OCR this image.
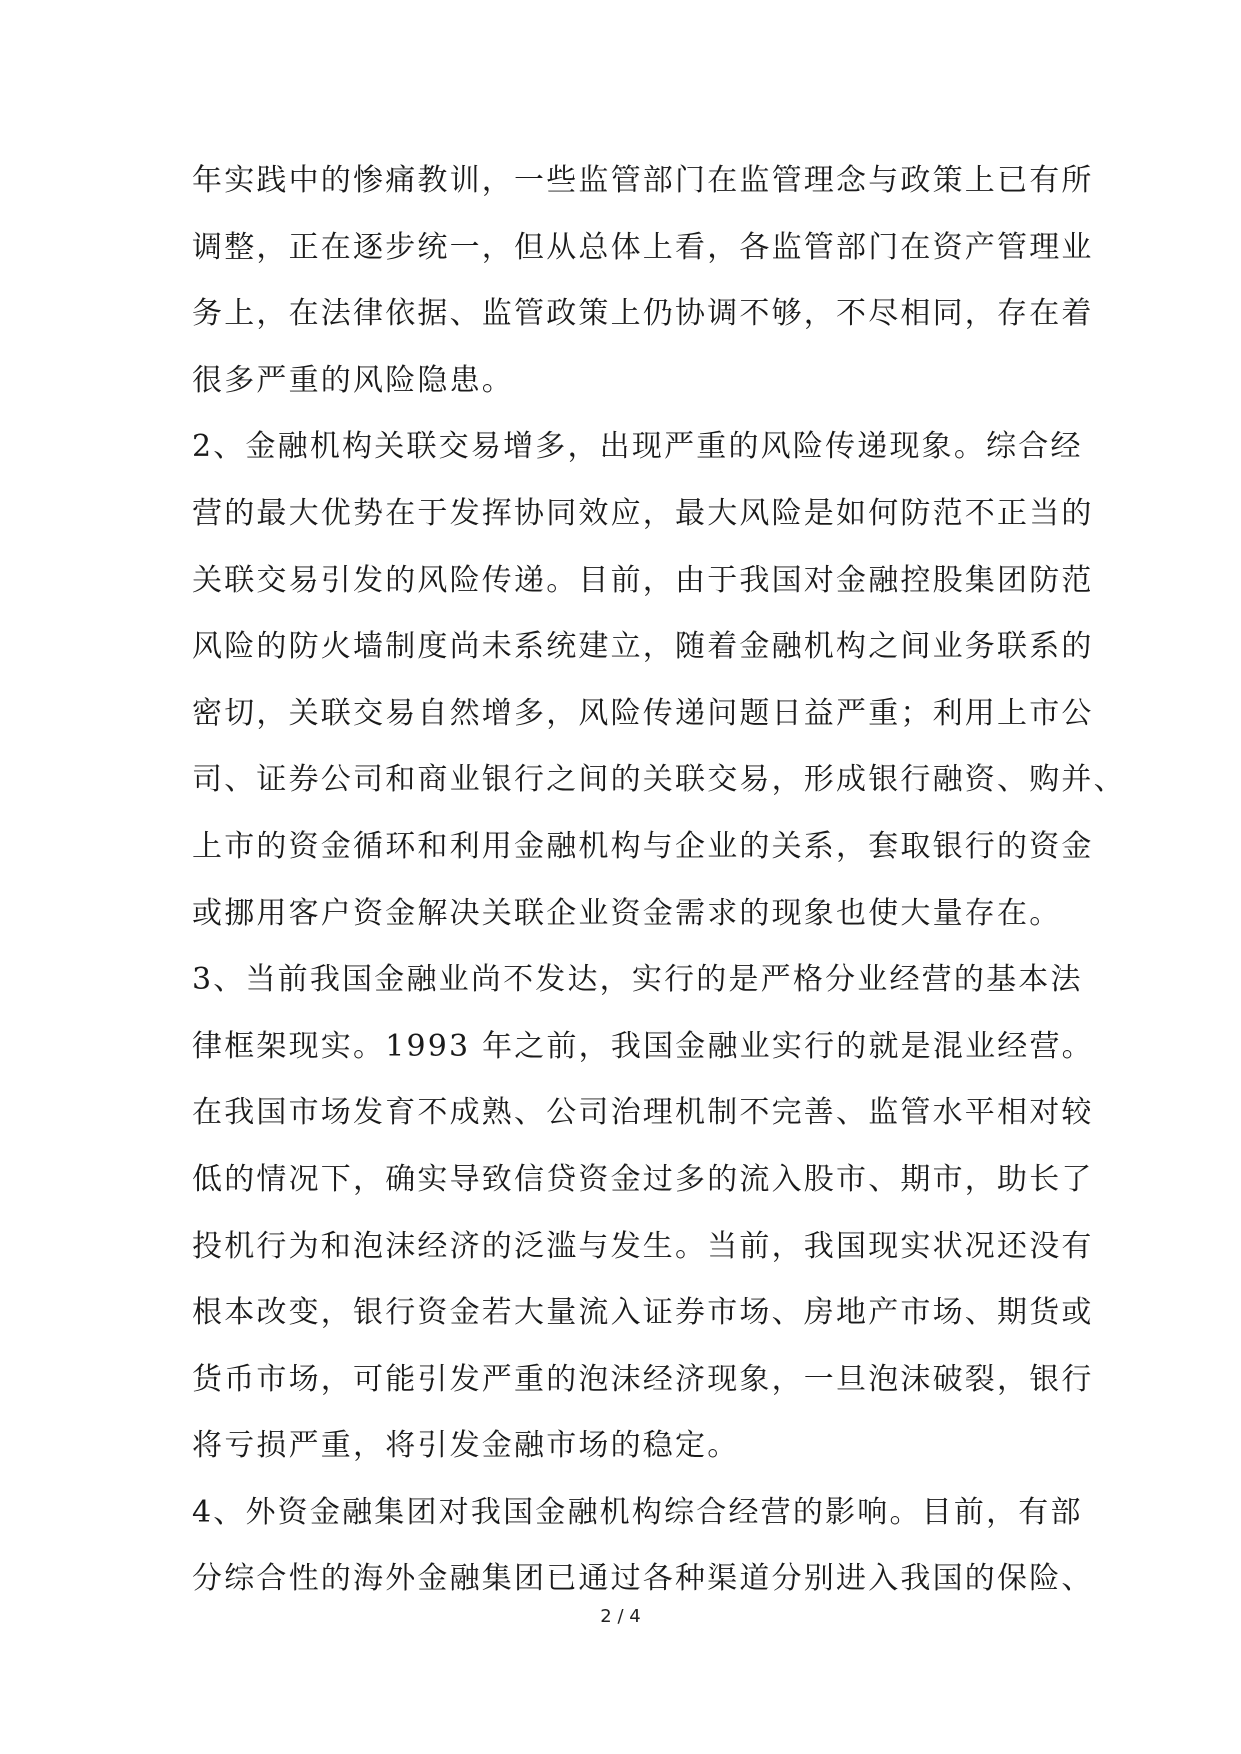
年实践中的惨痛教训，一些监管部门在监管理念与政策上已有所
调整，正在逐步统一，但从总体上看，各监管部门在资产管理业
务上，在法律依据、监管政策上仍协调不够，不尽相同，存在着
很多严重的风险隐患。
2、金融机构关联交易增多，出现严重的风险传递现象。综合经
营的最大优势在于发挥协同效应，最大风险是如何防范不正当的
关联交易引发的风险传递。目前，由于我国对金融控股集团防范
风险的防火墙制度尚未系统建立，随着金融机构之间业务联系的
密切，关联交易自然增多，风险传递问题日益严重；利用上市公
司、证券公司和商业银行之间的关联交易，形成银行融资、购并、
上市的资金循环和利用金融机构与企业的关系，套取银行的资金
或挪用客户资金解决关联企业资金需求的现象也使大量存在。
3、当前我国金融业尚不发达，实行的是严格分业经营的基本法
律框架现实。1993 年之前，我国金融业实行的就是混业经营。
在我国市场发育不成熟、公司治理机制不完善、监管水平相对较
低的情况下，确实导致信贷资金过多的流入股市、期市，助长了
投机行为和泡沫经济的泛滥与发生。当前，我国现实状况还没有
根本改变，银行资金若大量流入证券市场、房地产市场、期货或
货币市场，可能引发严重的泡沫经济现象，一旦泡沫破裂，银行
将亏损严重，将引发金融市场的稳定。
4、外资金融集团对我国金融机构综合经营的影响。目前，有部
分综合性的海外金融集团已通过各种渠道分别进入我国的保险、
2 / 4
